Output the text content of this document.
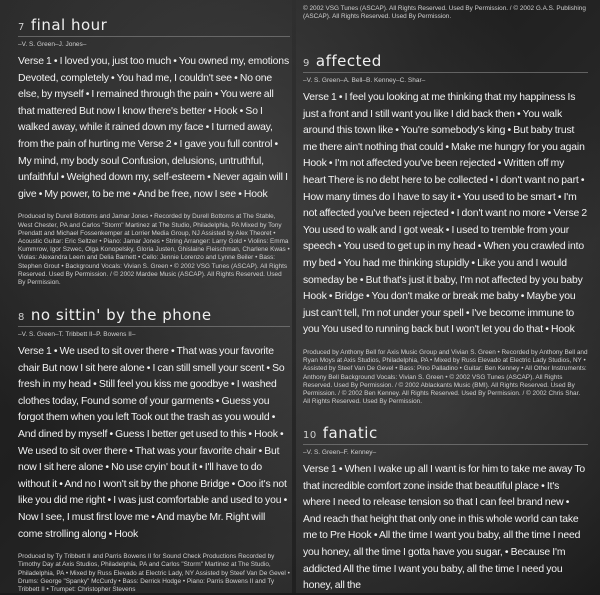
7 final hour
–V. S. Green–J. Jones–
Verse 1 • I loved you, just too much • You owned my, emotions Devoted, completely • You had me, I couldn't see • No one else, by myself • I remained through the pain • You were all that mattered But now I know there's better • Hook • So I walked away, while it rained down my face • I turned away, from the pain of hurting me Verse 2 • I gave you full control • My mind, my body soul Confusion, delusions, untruthful, unfaithful • Weighed down my, self-esteem • Never again will I give • My power, to be me • And be free, now I see • Hook
Produced by Durell Bottoms and Jamar Jones • Recorded by Durell Bottoms at The Stable, West Chester, PA and Carlos "Storm" Martinez at The Studio, Philadelphia, PA Mixed by Tony Prendatt and Michael Fossenkemper at Lorrier Media Group, NJ Assisted by Alex Theoret • Acoustic Guitar: Eric Seltzer • Piano: Jamar Jones • String Arranger: Larry Gold • Violins: Emma Kummrow, Igor Szwec, Olga Konopelsky, Gloria Justen, Ghislaine Fleischman, Charlene Kwas • Violas: Alexandra Leem and Delia Barnett • Cello: Jennie Lorenzo and Lynne Beiler • Bass: Stephen Grout • Background Vocals: Vivian S. Green • © 2002 VSG Tunes (ASCAP). All Rights Reserved. Used By Permission. / © 2002 Mardee Music (ASCAP). All Rights Reserved. Used By Permission.
8 no sittin' by the phone
–V. S. Green–T. Tribbett II–P. Bowens II–
Verse 1 • We used to sit over there • That was your favorite chair But now I sit here alone • I can still smell your scent • So fresh in my head • Still feel you kiss me goodbye • I washed clothes today, Found some of your garments • Guess you forgot them when you left Took out the trash as you would • And dined by myself • Guess I better get used to this • Hook • We used to sit over there • That was your favorite chair • But now I sit here alone • No use cryin' bout it • I'll have to do without it • And no I won't sit by the phone Bridge • Ooo it's not like you did me right • I was just comfortable and used to you • Now I see, I must first love me • And maybe Mr. Right will come strolling along • Hook
Produced by Ty Tribbett II and Parris Bowens II for Sound Check Productions Recorded by Timothy Day at Axis Studios, Philadelphia, PA and Carlos "Storm" Martinez at The Studio, Philadelphia, PA • Mixed by Russ Elevado at Electric Lady, NY Assisted by Steef Van De Gevel • Drums: George "Spanky" McCurdy • Bass: Derrick Hodge • Piano: Parris Bowens II and Ty Tribbett II • Trumpet: Christopher Stevens
© 2002 VSG Tunes (ASCAP). All Rights Reserved. Used By Permission. / © 2002 G.A.S. Publishing (ASCAP). All Rights Reserved. Used By Permission.
9 affected
–V. S. Green–A. Bell–B. Kenney–C. Shar–
Verse 1 • I feel you looking at me thinking that my happiness Is just a front and I still want you like I did back then • You walk around this town like • You're somebody's king • But baby trust me there ain't nothing that could • Make me hungry for you again Hook • I'm not affected you've been rejected • Written off my heart There is no debt here to be collected • I don't want no part • How many times do I have to say it • You used to be smart • I'm not affected you've been rejected • I don't want no more • Verse 2 You used to walk and I got weak • I used to tremble from your speech • You used to get up in my head • When you crawled into my bed • You had me thinking stupidly • Like you and I would someday be • But that's just it baby, I'm not affected by you baby Hook • Bridge • You don't make or break me baby • Maybe you just can't tell, I'm not under your spell • I've become immune to you You used to running back but I won't let you do that • Hook
Produced by Anthony Bell for Axis Music Group and Vivian S. Green • Recorded by Anthony Bell and Ryan Moys at Axis Studios, Philadelphia, PA • Mixed by Russ Elevado at Electric Lady Studios, NY • Assisted by Steef Van De Gevel • Bass: Pino Palladino • Guitar: Ben Kenney • All Other Instruments: Anthony Bell Background Vocals: Vivian S. Green • © 2002 VSG Tunes (ASCAP). All Rights Reserved. Used By Permission. / © 2002 Ablackants Music (BMI). All Rights Reserved. Used By Permission. / © 2002 Ben Kenney. All Rights Reserved. Used By Permission. / © 2002 Chris Shar. All Rights Reserved. Used By Permission.
10 fanatic
–V. S. Green–F. Kenney–
Verse 1 • When I wake up all I want is for him to take me away To that incredible comfort zone inside that beautiful place • It's where I need to release tension so that I can feel brand new • And reach that height that only one in this whole world can take me to Pre Hook • All the time I want you baby, all the time I need you honey, all the time I gotta have you sugar, • Because I'm addicted All the time I want you baby, all the time I need you honey, all the
